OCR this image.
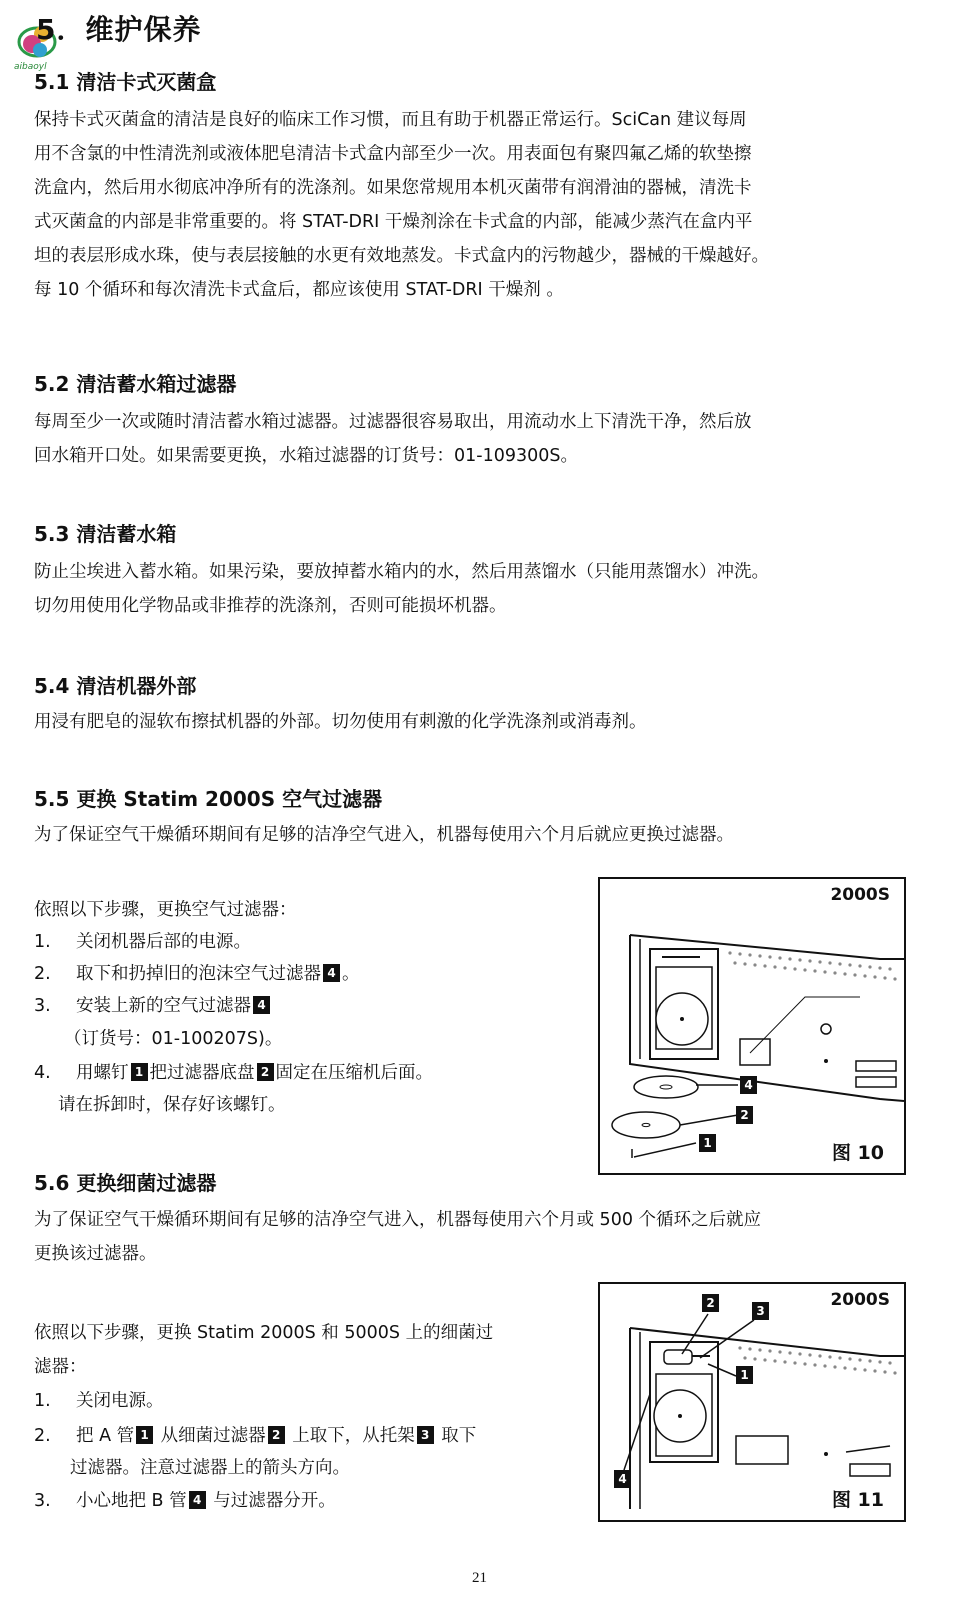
aibaoyl
5．维护保养
5.1 清洁卡式灭菌盒

保持卡式灭菌盒的清洁是良好的临床工作习惯，而且有助于机器正常运行。SciCan 建议每周

用不含氯的中性清洗剂或液体肥皂清洁卡式盒内部至少一次。用表面包有聚四氟乙烯的软垫擦

洗盒内，然后用水彻底冲净所有的洗涤剂。如果您常规用本机灭菌带有润滑油的器械，清洗卡

式灭菌盒的内部是非常重要的。将 STAT-DRI 干燥剂涂在卡式盒的内部，能减少蒸汽在盒内平

坦的表层形成水珠，使与表层接触的水更有效地蒸发。卡式盒内的污物越少，器械的干燥越好。

每 10 个循环和每次清洗卡式盒后，都应该使用 STAT-DRI 干燥剂 。

5.2 清洁蓄水箱过滤器

每周至少一次或随时清洁蓄水箱过滤器。过滤器很容易取出，用流动水上下清洗干净，然后放

回水箱开口处。如果需要更换，水箱过滤器的订货号：01-109300S。

5.3 清洁蓄水箱

防止尘埃进入蓄水箱。如果污染，要放掉蓄水箱内的水，然后用蒸馏水（只能用蒸馏水）冲洗。

切勿用使用化学物品或非推荐的洗涤剂，否则可能损坏机器。

5.4 清洁机器外部

用浸有肥皂的湿软布擦拭机器的外部。切勿使用有刺激的化学洗涤剂或消毒剂。

5.5 更换 Statim 2000S 空气过滤器
为了保证空气干燥循环期间有足够的洁净空气进入，机器每使用六个月后就应更换过滤器。
依照以下步骤，更换空气过滤器：
1. 关闭机器后部的电源。
2. 取下和扔掉旧的泡沫空气过滤器 4 。
3. 安装上新的空气过滤器 4
（订货号：01-100207S)。
4. 用螺钉 1 把过滤器底盘 2 固定在压缩机后面。
请在拆卸时，保存好该螺钉。
4
2
1
2000S
图 10
5.6 更换细菌过滤器

为了保证空气干燥循环期间有足够的洁净空气进入，机器每使用六个月或 500 个循环之后就应

更换该过滤器。

依照以下步骤，更换 Statim 2000S 和 5000S 上的细菌过
滤器：
1. 关闭电源。
2. 把 A 管 1 从细菌过滤器 2 上取下，从托架 3 取下
过滤器。注意过滤器上的箭头方向。
3. 小心地把 B 管 4 与过滤器分开。
2
3
1
4
2000S
图 11
21
